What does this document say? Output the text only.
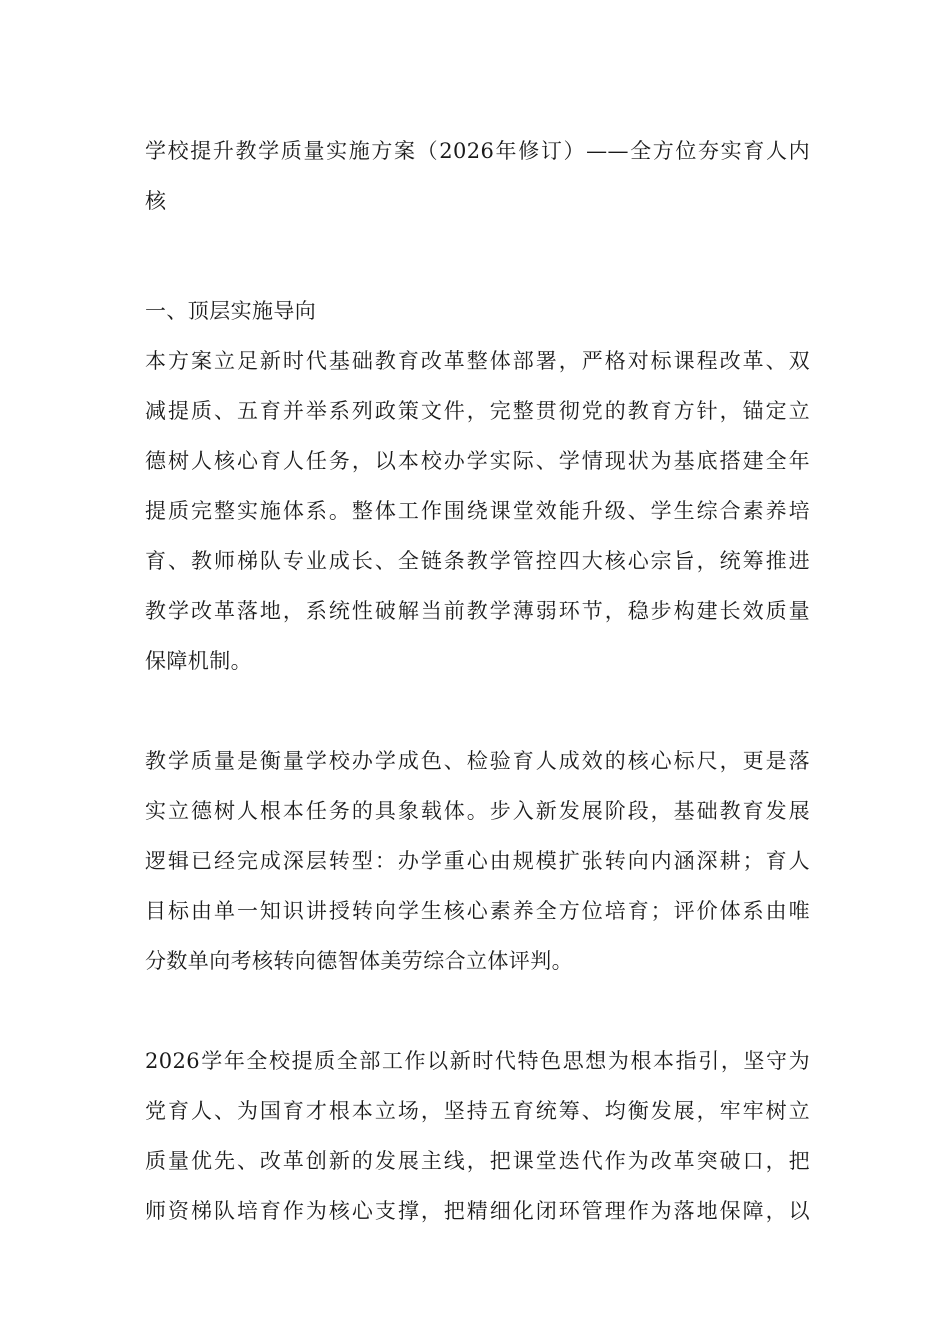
学校提升教学质量实施方案（2026年修订）——全方位夯实育人内
核
一、顶层实施导向
本方案立足新时代基础教育改革整体部署，严格对标课程改革、双
减提质、五育并举系列政策文件，完整贯彻党的教育方针，锚定立
德树人核心育人任务，以本校办学实际、学情现状为基底搭建全年
提质完整实施体系。整体工作围绕课堂效能升级、学生综合素养培
育、教师梯队专业成长、全链条教学管控四大核心宗旨，统筹推进
教学改革落地，系统性破解当前教学薄弱环节，稳步构建长效质量
保障机制。
教学质量是衡量学校办学成色、检验育人成效的核心标尺，更是落
实立德树人根本任务的具象载体。步入新发展阶段，基础教育发展
逻辑已经完成深层转型：办学重心由规模扩张转向内涵深耕；育人
目标由单一知识讲授转向学生核心素养全方位培育；评价体系由唯
分数单向考核转向德智体美劳综合立体评判。
2026学年全校提质全部工作以新时代特色思想为根本指引，坚守为
党育人、为国育才根本立场，坚持五育统筹、均衡发展，牢牢树立
质量优先、改革创新的发展主线，把课堂迭代作为改革突破口，把
师资梯队培育作为核心支撑，把精细化闭环管理作为落地保障，以
